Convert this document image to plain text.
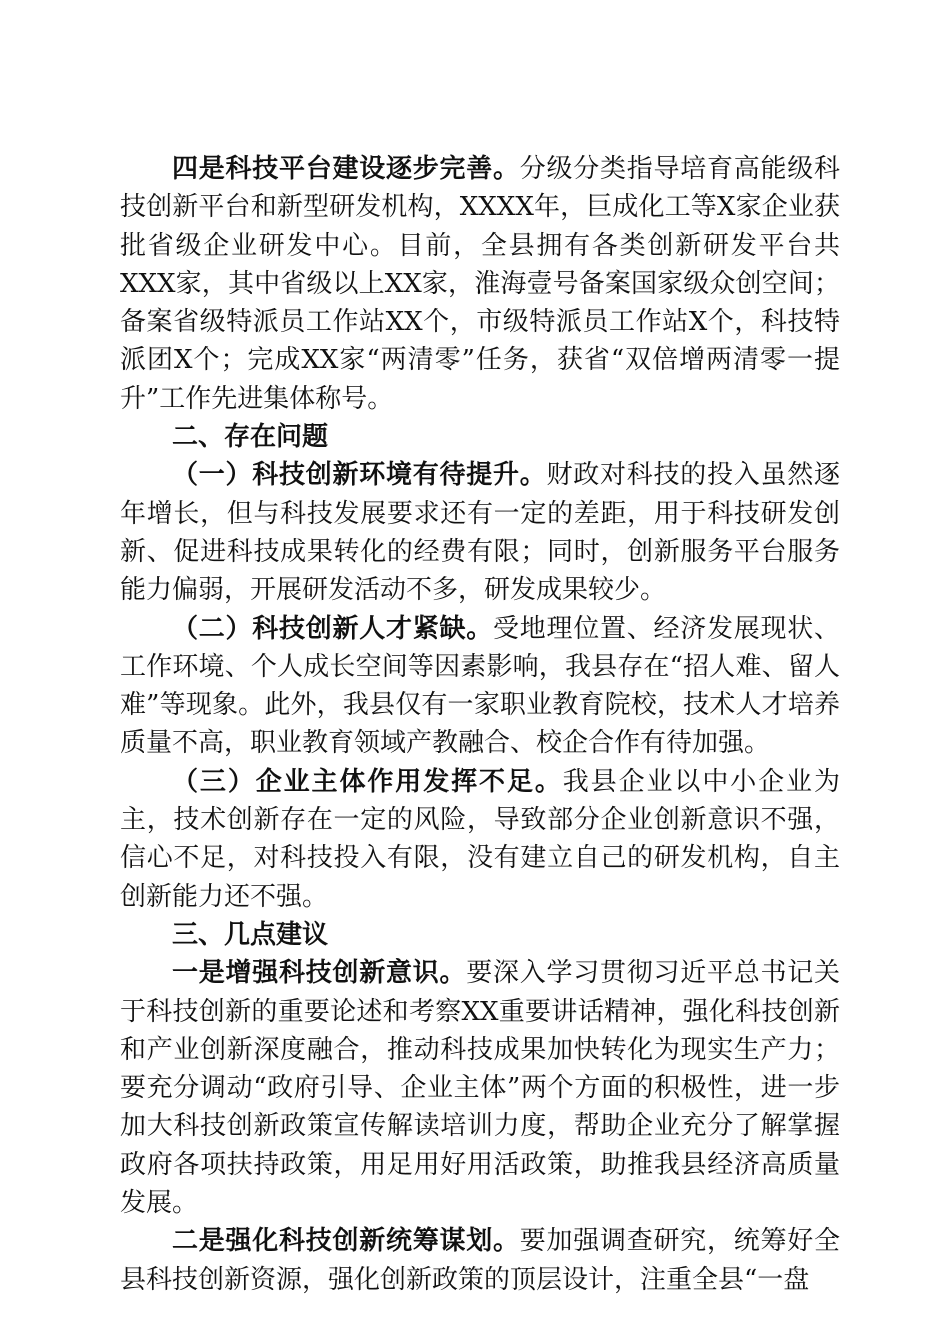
四是科技平台建设逐步完善。分级分类指导培育高能级科技创新平台和新型研发机构，XXXX年，巨成化工等X家企业获批省级企业研发中心。目前，全县拥有各类创新研发平台共XXX家，其中省级以上XX家，淮海壹号备案国家级众创空间；备案省级特派员工作站XX个，市级特派员工作站X个，科技特派团X个；完成XX家“两清零”任务，获省“双倍增两清零一提升”工作先进集体称号。

二、存在问题

（一）科技创新环境有待提升。财政对科技的投入虽然逐年增长，但与科技发展要求还有一定的差距，用于科技研发创新、促进科技成果转化的经费有限；同时，创新服务平台服务能力偏弱，开展研发活动不多，研发成果较少。

（二）科技创新人才紧缺。受地理位置、经济发展现状、工作环境、个人成长空间等因素影响，我县存在“招人难、留人难”等现象。此外，我县仅有一家职业教育院校，技术人才培养质量不高，职业教育领域产教融合、校企合作有待加强。

（三）企业主体作用发挥不足。我县企业以中小企业为主，技术创新存在一定的风险，导致部分企业创新意识不强，信心不足，对科技投入有限，没有建立自己的研发机构，自主创新能力还不强。

三、几点建议

一是增强科技创新意识。要深入学习贯彻习近平总书记关于科技创新的重要论述和考察XX重要讲话精神，强化科技创新和产业创新深度融合，推动科技成果加快转化为现实生产力；要充分调动“政府引导、企业主体”两个方面的积极性，进一步加大科技创新政策宣传解读培训力度，帮助企业充分了解掌握政府各项扶持政策，用足用好用活政策，助推我县经济高质量发展。

二是强化科技创新统筹谋划。要加强调查研究，统筹好全县科技创新资源，强化创新政策的顶层设计，注重全县“一盘
